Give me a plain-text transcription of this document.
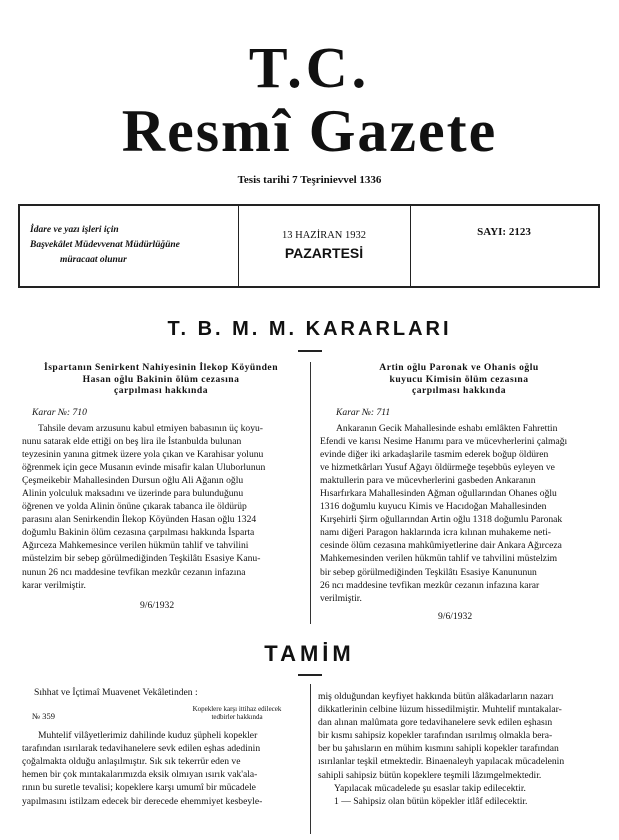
T.C.
Resmî Gazete
Tesis tarihi 7 Teşrinievvel 1336
İdare ve yazı işleri için
Başvekâlet Müdevvenat Müdürlüğüne
müracaat olunur
13 HAZİRAN 1932
PAZARTESİ
SAYI: 2123
T. B. M. M. KARARLARI
İspartanın Senirkent Nahiyesinin İlekop Köyünden
Hasan oğlu Bakinin ölüm cezasına
çarpılması hakkında
Karar №: 710
Tahsile devam arzusunu kabul etmiyen babasının üç koyu-
nunu satarak elde ettiği on beş lira ile İstanbulda bulunan
teyzesinin yanına gitmek üzere yola çıkan ve Karahisar yolunu
öğrenmek için gece Musanın evinde misafir kalan Uluborlunun
Çeşmeikebir Mahallesinden Dursun oğlu Ali Ağanın oğlu
Alinin yolculuk maksadını ve üzerinde para bulunduğunu
öğrenen ve yolda Alinin önüne çıkarak tabanca ile öldürüp
parasını alan Senirkendin İlekop Köyünden Hasan oğlu 1324
doğumlu Bakinin ölüm cezasına çarpılması hakkında İsparta
Ağırceza Mahkemesince verilen hükmün tahlif ve tahvilini
müstelzim bir sebep görülmediğinden Teşkilâtı Esasiye Kanu-
nunun 26 ncı maddesine tevfikan mezkûr cezanın infazına
karar verilmiştir.
9/6/1932
Artin oğlu Paronak ve Ohanis oğlu
kuyucu Kimisin ölüm cezasına
çarpılması hakkında
Karar №: 711
Ankaranın Gecik Mahallesinde eshabı emlâkten Fahrettin
Efendi ve karısı Nesime Hanımı para ve mücevherlerini çalmağı
evinde diğer iki arkadaşlarile tasmim ederek boğup öldüren
ve hizmetkârları Yusuf Ağayı öldürmeğe teşebbüs eyleyen ve
maktullerin para ve mücevherlerini gasbeden Ankaranın
Hısarfırkara Mahallesinden Ağman oğullarından Ohanes oğlu
1316 doğumlu kuyucu Kimis ve Hacıdoğan Mahallesinden
Kırşehirli Şirm oğullarından Artin oğlu 1318 doğumlu Paronak
namı diğeri Paragon haklarında icra kılınan muhakeme neti-
cesinde ölüm cezasına mahkûmiyetlerine dair Ankara Ağırceza
Mahkemesinden verilen hükmün tahlif ve tahvilini müstelzim
bir sebep görülmediğinden Teşkilâtı Esasiye Kanununun
26 ncı maddesine tevfikan mezkûr cezanın infazına karar
verilmiştir.
9/6/1932
TAMİM
Sıhhat ve İçtimaî Muavenet Vekâletinden :
№ 359
Kopeklere karşı ittihaz edilecek
tedbirler hakkında
Muhtelif vilâyetlerimiz dahilinde kuduz şüpheli kopekler
tarafından ısırılarak tedavihanelere sevk edilen eşhas adedinin
çoğalmakta olduğu anlaşılmıştır. Sık sık tekerrür eden ve
hemen bir çok mıntakalarımızda eksik olmıyan ısırık vak'ala-
rının bu suretle tevalisi; kopeklere karşı umumî bir mücadele
yapılmasını istilzam edecek bir derecede ehemmiyet kesbeyle-
miş olduğundan keyfiyet hakkında bütün alâkadarların nazarı
dikkatlerinin celbine lüzum hissedilmiştir. Muhtelif mıntakalar-
dan alınan malûmata gore tedavihanelere sevk edilen eşhasın
bir kısmı sahipsiz kopekler tarafından ısırılmış olmakla bera-
ber bu şahısların en mühim kısmını sahipli kopekler tarafından
ısırılanlar teşkil etmektedir. Binaenaleyh yapılacak mücadelenin
sahipli sahipsiz bütün kopeklere teşmili lâzımgelmektedir.
Yapılacak mücadelede şu esaslar takip edilecektir.
1 — Sahipsiz olan bütün köpekler itlâf edilecektir.
